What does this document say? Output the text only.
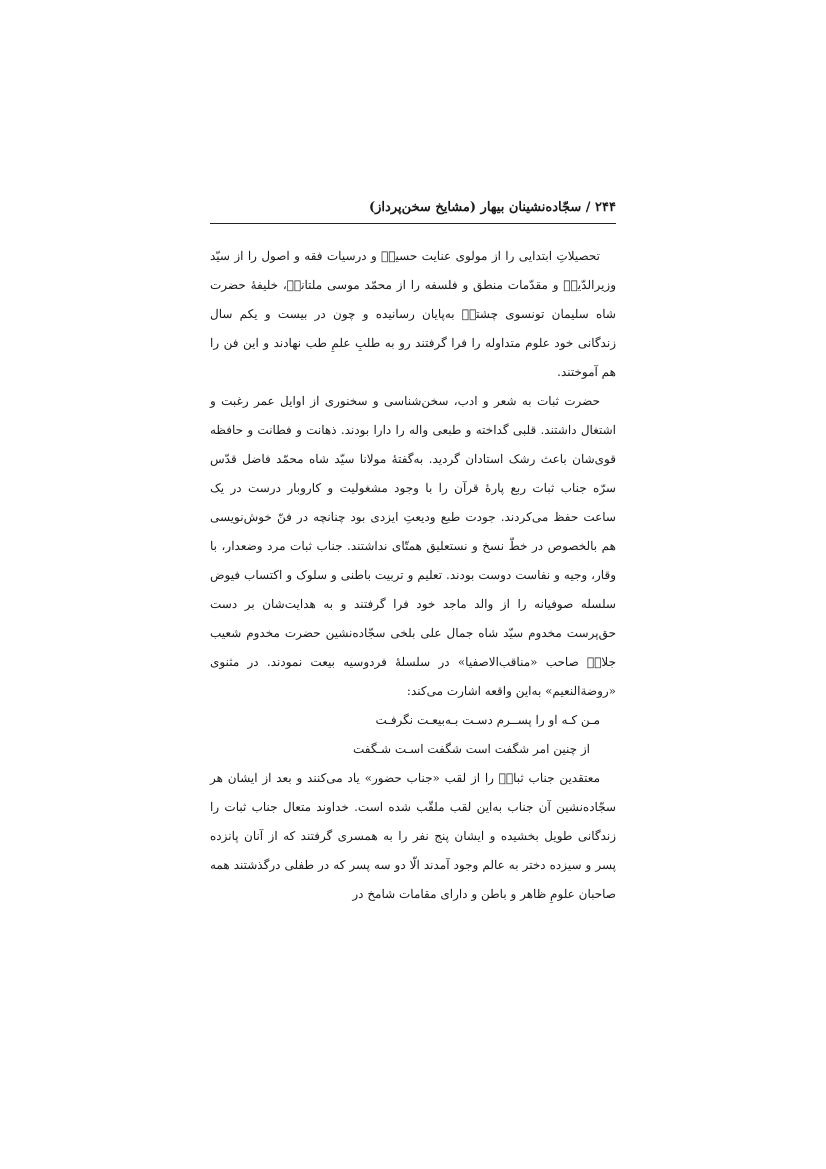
۲۴۴ / سجّاده‌نشینان بیهار (مشایخ سخن‌پرداز)

تحصیلاتِ ابتدایی را از مولوی عنایت حسینؒ و درسیات فقه و اصول را از سیّد وزیرالدّینؒ و مقدّمات منطق و فلسفه را از محمّد موسی ملتانیؒ، خلیفهٔ حضرت شاه سلیمان تونسوی چشتیؒ به‌پایان رسانیده و چون در بیست و یکم سال زندگانی خود علوم متداوله را فرا گرفتند رو به طلبِ علمِ طب نهادند و این فن را هم آموختند.

حضرت ثبات به شعر و ادب، سخن‌شناسی و سخنوری از اوایل عمر رغبت و اشتغال داشتند. قلبی گداخته و طبعی واله را دارا بودند. ذهانت و فطانت و حافظه قوی‌شان باعث رشک استادان گردید. به‌گفتهٔ مولانا سیّد شاه محمّد فاضل قدّس سرّه جناب ثبات ربع پارهٔ قرآن را با وجود مشغولیت و کاروبار درست در یک ساعت حفظ می‌کردند. جودت طبع ودیعتِ ایزدی بود چنانچه در فنّ خوش‌نویسی هم بالخصوص در خطّ نسخ و نستعلیق همتّای نداشتند. جناب ثبات مرد وضعدار، با وقار، وجیه و نفاست دوست بودند. تعلیم و تربیت باطنی و سلوک و اکتساب فیوض سلسله صوفیانه را از والد ماجد خود فرا گرفتند و به هدایت‌شان بر دست حق‌پرست مخدوم سیّد شاه جمال علی بلخی سجّاده‌نشین حضرت مخدوم شعیب جلالؒ صاحب «مناقب‌الاصفیا» در سلسلهٔ فردوسیه بیعت نمودند. در مثنوی «روضة‌النعیم» به‌این واقعه اشارت می‌کند:

مـن کـه او را پســرم دسـت بـه‌بیعـت نگرفـت

از چنین امر شگفت است شگفت اسـت شـگفت

معتقدین جناب ثباتؒ را از لقب «جناب حضور» یاد می‌کنند و بعد از ایشان هر سجّاده‌نشین آن جناب به‌این لقب ملقّب شده است. خداوند متعال جناب ثبات را زندگانی طویل بخشیده و ایشان پنج نفر را به همسری گرفتند که از آنان پانزده پسر و سیزده دختر به عالم وجود آمدند الّا دو سه پسر که در طفلی درگذشتند همه صاحبان علومِ ظاهر و باطن و دارای مقامات شامخ در
